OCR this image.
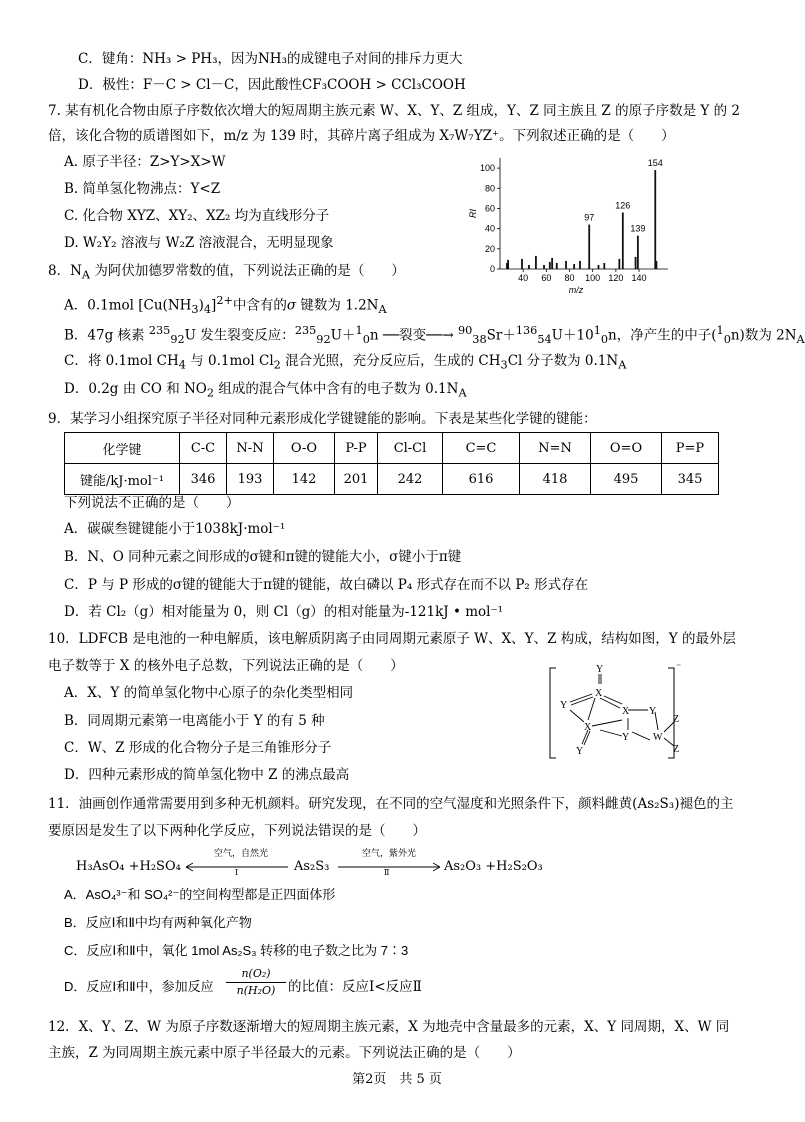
C．键角：NH₃ > PH₃，因为NH₃的成键电子对间的排斥力更大
D．极性：F－C > Cl－C，因此酸性CF₃COOH > CCl₃COOH
7. 某有机化合物由原子序数依次增大的短周期主族元素 W、X、Y、Z 组成，Y、Z 同主族且 Z 的原子序数是 Y 的 2
倍，该化合物的质谱图如下，m/z 为 139 时，其碎片离子组成为 X₇W₇YZ⁺。下列叙述正确的是（　　）
A. 原子半径：Z>Y>X>W
B. 简单氢化物沸点：Y<Z
C. 化合物 XYZ、XY₂、XZ₂ 均为直线形分子
D. W₂Y₂ 溶液与 W₂Z 溶液混合，无明显现象
0
20
40
60
80
100
40 60 80 100 120 140
97
126
139
154
m/z
RI
8．$N_A$ 为阿伏加德罗常数的值，下列说法正确的是（　　）
A．0.1mol $[Cu(NH_3)_4]^{2+}$中含有的σ 键数为 $1.2N_A$
B．47g 核素 $^{235}_{92}$U 发生裂变反应：$^{235}_{92}$U＋$^1_0$n ──裂变──→ $^{90}_{38}Sr+^{136}_{54}U+10^1_0n$，净产生的中子($^1_0$n)数为 $2N_A$
C．将 0.1mol $CH_4$ 与 0.1mol $Cl_2$ 混合光照，充分反应后，生成的 $CH_3Cl$ 分子数为 $0.1N_A$
D．0.2g 由 CO 和 $NO_2$ 组成的混合气体中含有的电子数为 $0.1N_A$
9．某学习小组探究原子半径对同种元素形成化学键键能的影响。下表是某些化学键的键能：
化学键	C-C	N-N	O-O	P-P	Cl-Cl	C=C	N=N	O=O	P=P
键能/kJ·mol⁻¹	346	193	142	201	242	616	418	495	345
下列说法不正确的是（　　）
A．碳碳叁键键能小于1038kJ·mol⁻¹
B．N、O 同种元素之间形成的σ键和π键的键能大小，σ键小于π键
C．P 与 P 形成的σ键的键能大于π键的键能，故白磷以 P₄ 形式存在而不以 P₂ 形式存在
D．若 Cl₂（g）相对能量为 0，则 Cl（g）的相对能量为-121kJ • mol⁻¹
10．LDFCB 是电池的一种电解质，该电解质阴离子由同周期元素原子 W、X、Y、Z 构成，结构如图，Y 的最外层
电子数等于 X 的核外电子总数，下列说法正确的是（　　）
A．X、Y 的简单氢化物中心原子的杂化类型相同
B．同周期元素第一电离能小于 Y 的有 5 种
C．W、Z 形成的化合物分子是三角锥形分子
D．四种元素形成的简单氢化物中 Z 的沸点最高
⁻
Y
X
Y
X Y
X
Y W
Z
Z
Y
11．油画创作通常需要用到多种无机颜料。研究发现，在不同的空气湿度和光照条件下，颜料雌黄(As₂S₃)褪色的主
要原因是发生了以下两种化学反应，下列说法错误的是（　　）
H₃AsO₄ +H₂SO₄
空气，自然光
Ⅰ	As₂S₃
空气，紫外光
Ⅱ	As₂O₃ +H₂S₂O₃
A．AsO₄³⁻和 SO₄²⁻的空间构型都是正四面体形
B．反应Ⅰ和Ⅱ中均有两种氧化产物
C．反应Ⅰ和Ⅱ中，氧化 1mol As₂S₃ 转移的电子数之比为 7∶3
D．反应Ⅰ和Ⅱ中，参加反应 $\frac{\text{n(O₂)}}{\text{n(H₂O)}}$ 的比值：反应Ⅰ<反应Ⅱ
12．X、Y、Z、W 为原子序数逐渐增大的短周期主族元素，X 为地壳中含量最多的元素，X、Y 同周期，X、W 同
主族，Z 为同周期主族元素中原子半径最大的元素。下列说法正确的是（　　）
第2页　共 5 页
